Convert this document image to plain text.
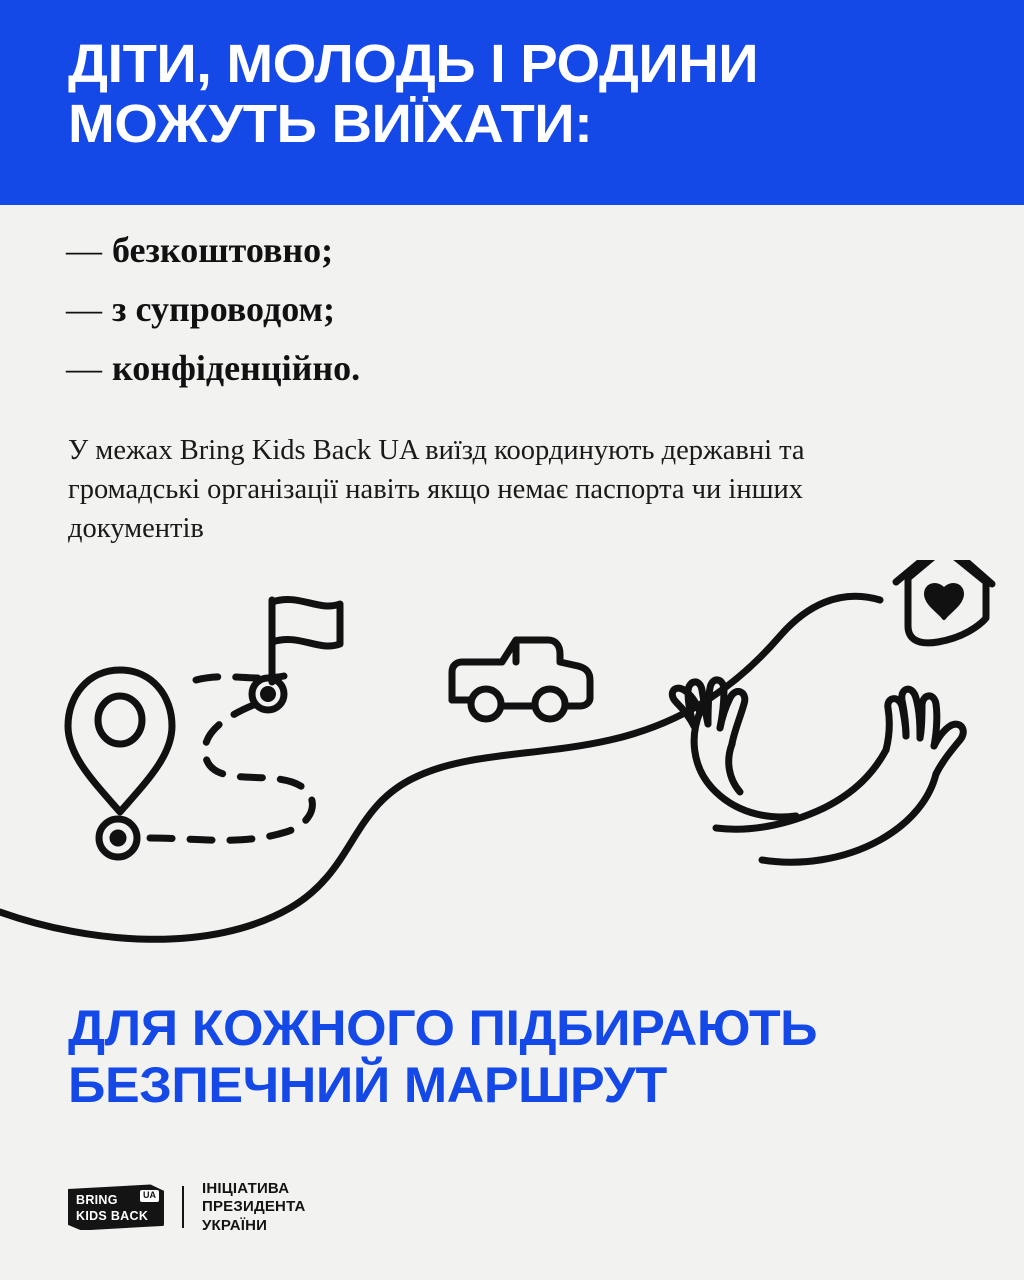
ДІТИ, МОЛОДЬ І РОДИНИ
МОЖУТЬ ВИЇХАТИ:
— безкоштовно;
— з супроводом;
— конфіденційно.
У межах Bring Kids Back UA виїзд координують державні та громадські організації навіть якщо немає паспорта чи інших документів
ДЛЯ КОЖНОГО ПІДБИРАЮТЬ
БЕЗПЕЧНИЙ МАРШРУТ
BRING
KIDS BACK
UA	ІНІЦІАТИВА
ПРЕЗИДЕНТА
УКРАЇНИ
